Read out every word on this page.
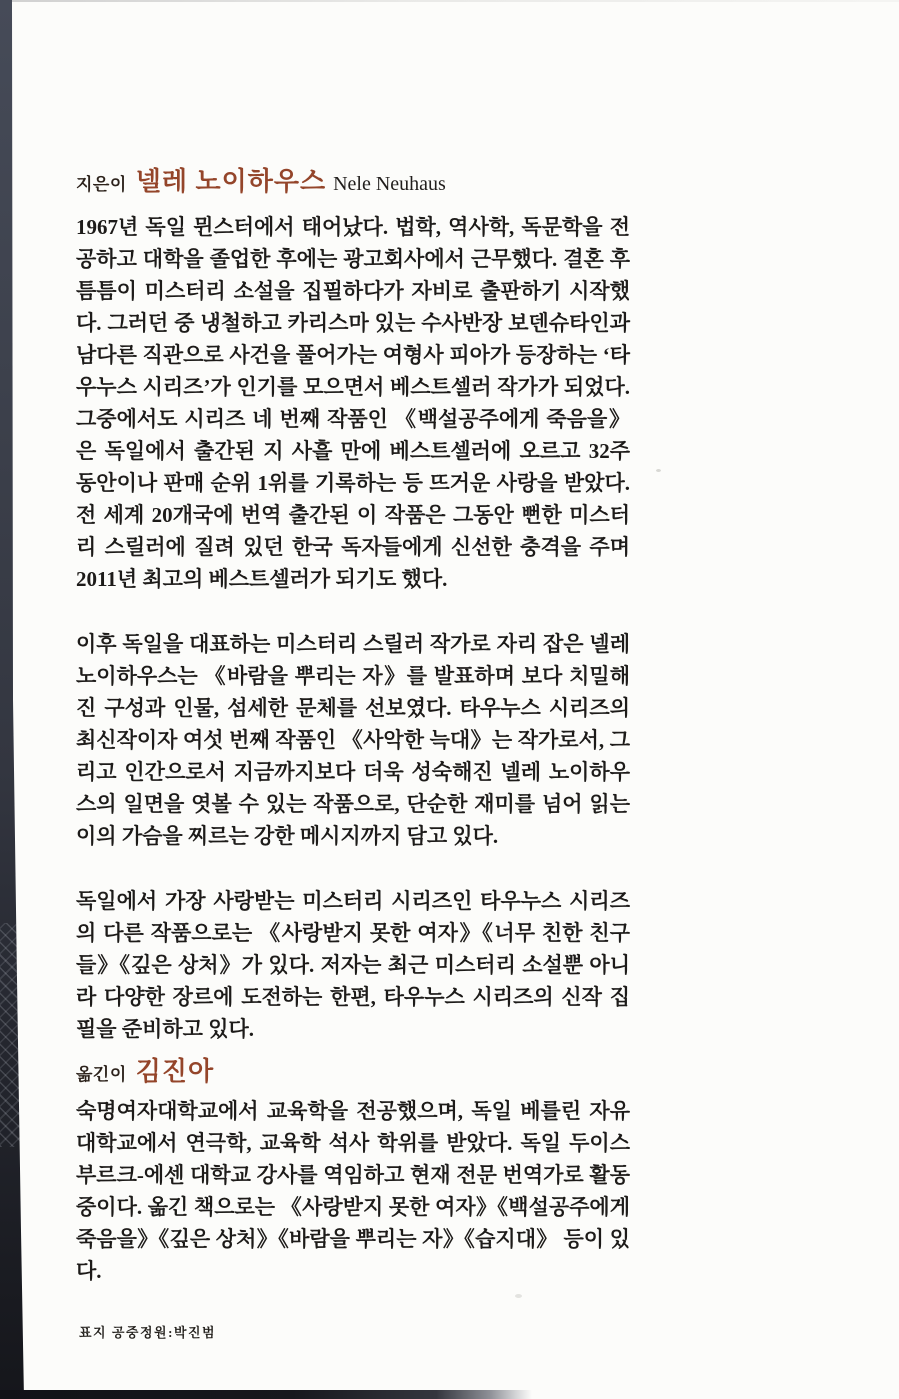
지은이 넬레 노이하우스 Nele Neuhaus

1967년 독일 뮌스터에서 태어났다. 법학, 역사학, 독문학을 전공하고 대학을 졸업한 후에는 광고회사에서 근무했다. 결혼 후 틈틈이 미스터리 소설을 집필하다가 자비로 출판하기 시작했다. 그러던 중 냉철하고 카리스마 있는 수사반장 보덴슈타인과 남다른 직관으로 사건을 풀어가는 여형사 피아가 등장하는 ‘타우누스 시리즈’가 인기를 모으면서 베스트셀러 작가가 되었다. 그중에서도 시리즈 네 번째 작품인 《백설공주에게 죽음을》은 독일에서 출간된 지 사흘 만에 베스트셀러에 오르고 32주 동안이나 판매 순위 1위를 기록하는 등 뜨거운 사랑을 받았다. 전 세계 20개국에 번역 출간된 이 작품은 그동안 뻔한 미스터리 스릴러에 질려 있던 한국 독자들에게 신선한 충격을 주며 2011년 최고의 베스트셀러가 되기도 했다.

이후 독일을 대표하는 미스터리 스릴러 작가로 자리 잡은 넬레 노이하우스는 《바람을 뿌리는 자》를 발표하며 보다 치밀해진 구성과 인물, 섬세한 문체를 선보였다. 타우누스 시리즈의 최신작이자 여섯 번째 작품인 《사악한 늑대》는 작가로서, 그리고 인간으로서 지금까지보다 더욱 성숙해진 넬레 노이하우스의 일면을 엿볼 수 있는 작품으로, 단순한 재미를 넘어 읽는 이의 가슴을 찌르는 강한 메시지까지 담고 있다.

독일에서 가장 사랑받는 미스터리 시리즈인 타우누스 시리즈의 다른 작품으로는 《사랑받지 못한 여자》《너무 친한 친구들》《깊은 상처》가 있다. 저자는 최근 미스터리 소설뿐 아니라 다양한 장르에 도전하는 한편, 타우누스 시리즈의 신작 집필을 준비하고 있다.

옮긴이 김진아

숙명여자대학교에서 교육학을 전공했으며, 독일 베를린 자유대학교에서 연극학, 교육학 석사 학위를 받았다. 독일 두이스부르크-에센 대학교 강사를 역임하고 현재 전문 번역가로 활동 중이다. 옮긴 책으로는 《사랑받지 못한 여자》《백설공주에게 죽음을》《깊은 상처》《바람을 뿌리는 자》《습지대》 등이 있다.

표지 공중정원:박진범
